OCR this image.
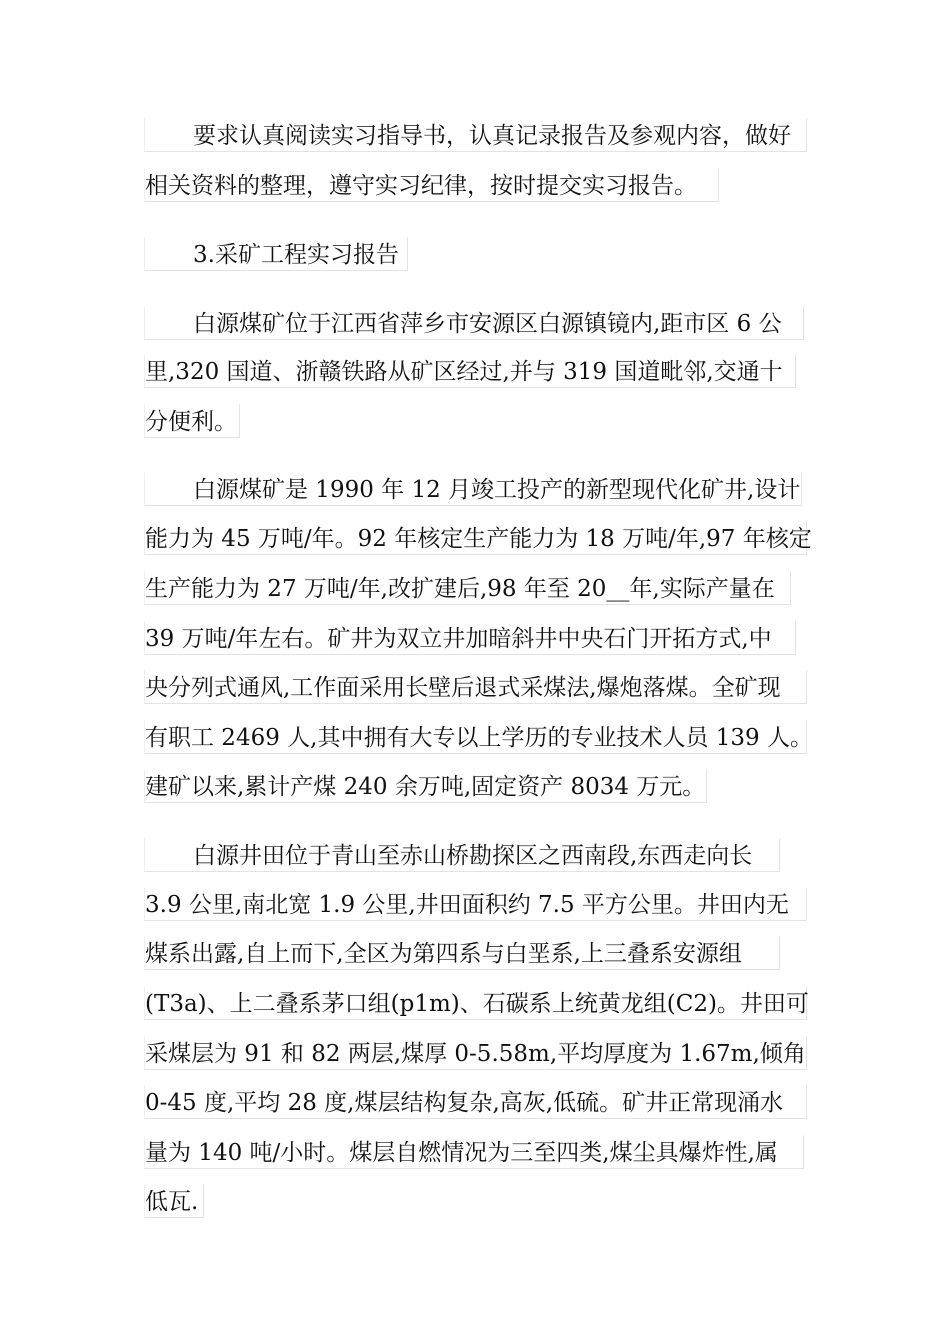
要求认真阅读实习指导书，认真记录报告及参观内容，做好
相关资料的整理，遵守实习纪律，按时提交实习报告。
3.采矿工程实习报告
白源煤矿位于江西省萍乡市安源区白源镇镜内,距市区 6 公
里,320 国道、浙赣铁路从矿区经过,并与 319 国道毗邻,交通十
分便利。
白源煤矿是 1990 年 12 月竣工投产的新型现代化矿井,设计
能力为 45 万吨/年。92 年核定生产能力为 18 万吨/年,97 年核定
生产能力为 27 万吨/年,改扩建后,98 年至 20__年,实际产量在
39 万吨/年左右。矿井为双立井加暗斜井中央石门开拓方式,中
央分列式通风,工作面采用长壁后退式采煤法,爆炮落煤。全矿现
有职工 2469 人,其中拥有大专以上学历的专业技术人员 139 人。
建矿以来,累计产煤 240 余万吨,固定资产 8034 万元。
白源井田位于青山至赤山桥勘探区之西南段,东西走向长
3.9 公里,南北宽 1.9 公里,井田面积约 7.5 平方公里。井田内无
煤系出露,自上而下,全区为第四系与白垩系,上三叠系安源组
(T3a)、上二叠系茅口组(p1m)、石碳系上统黄龙组(C2)。井田可
采煤层为 91 和 82 两层,煤厚 0-5.58m,平均厚度为 1.67m,倾角
0-45 度,平均 28 度,煤层结构复杂,高灰,低硫。矿井正常现涌水
量为 140 吨/小时。煤层自燃情况为三至四类,煤尘具爆炸性,属
低瓦.
